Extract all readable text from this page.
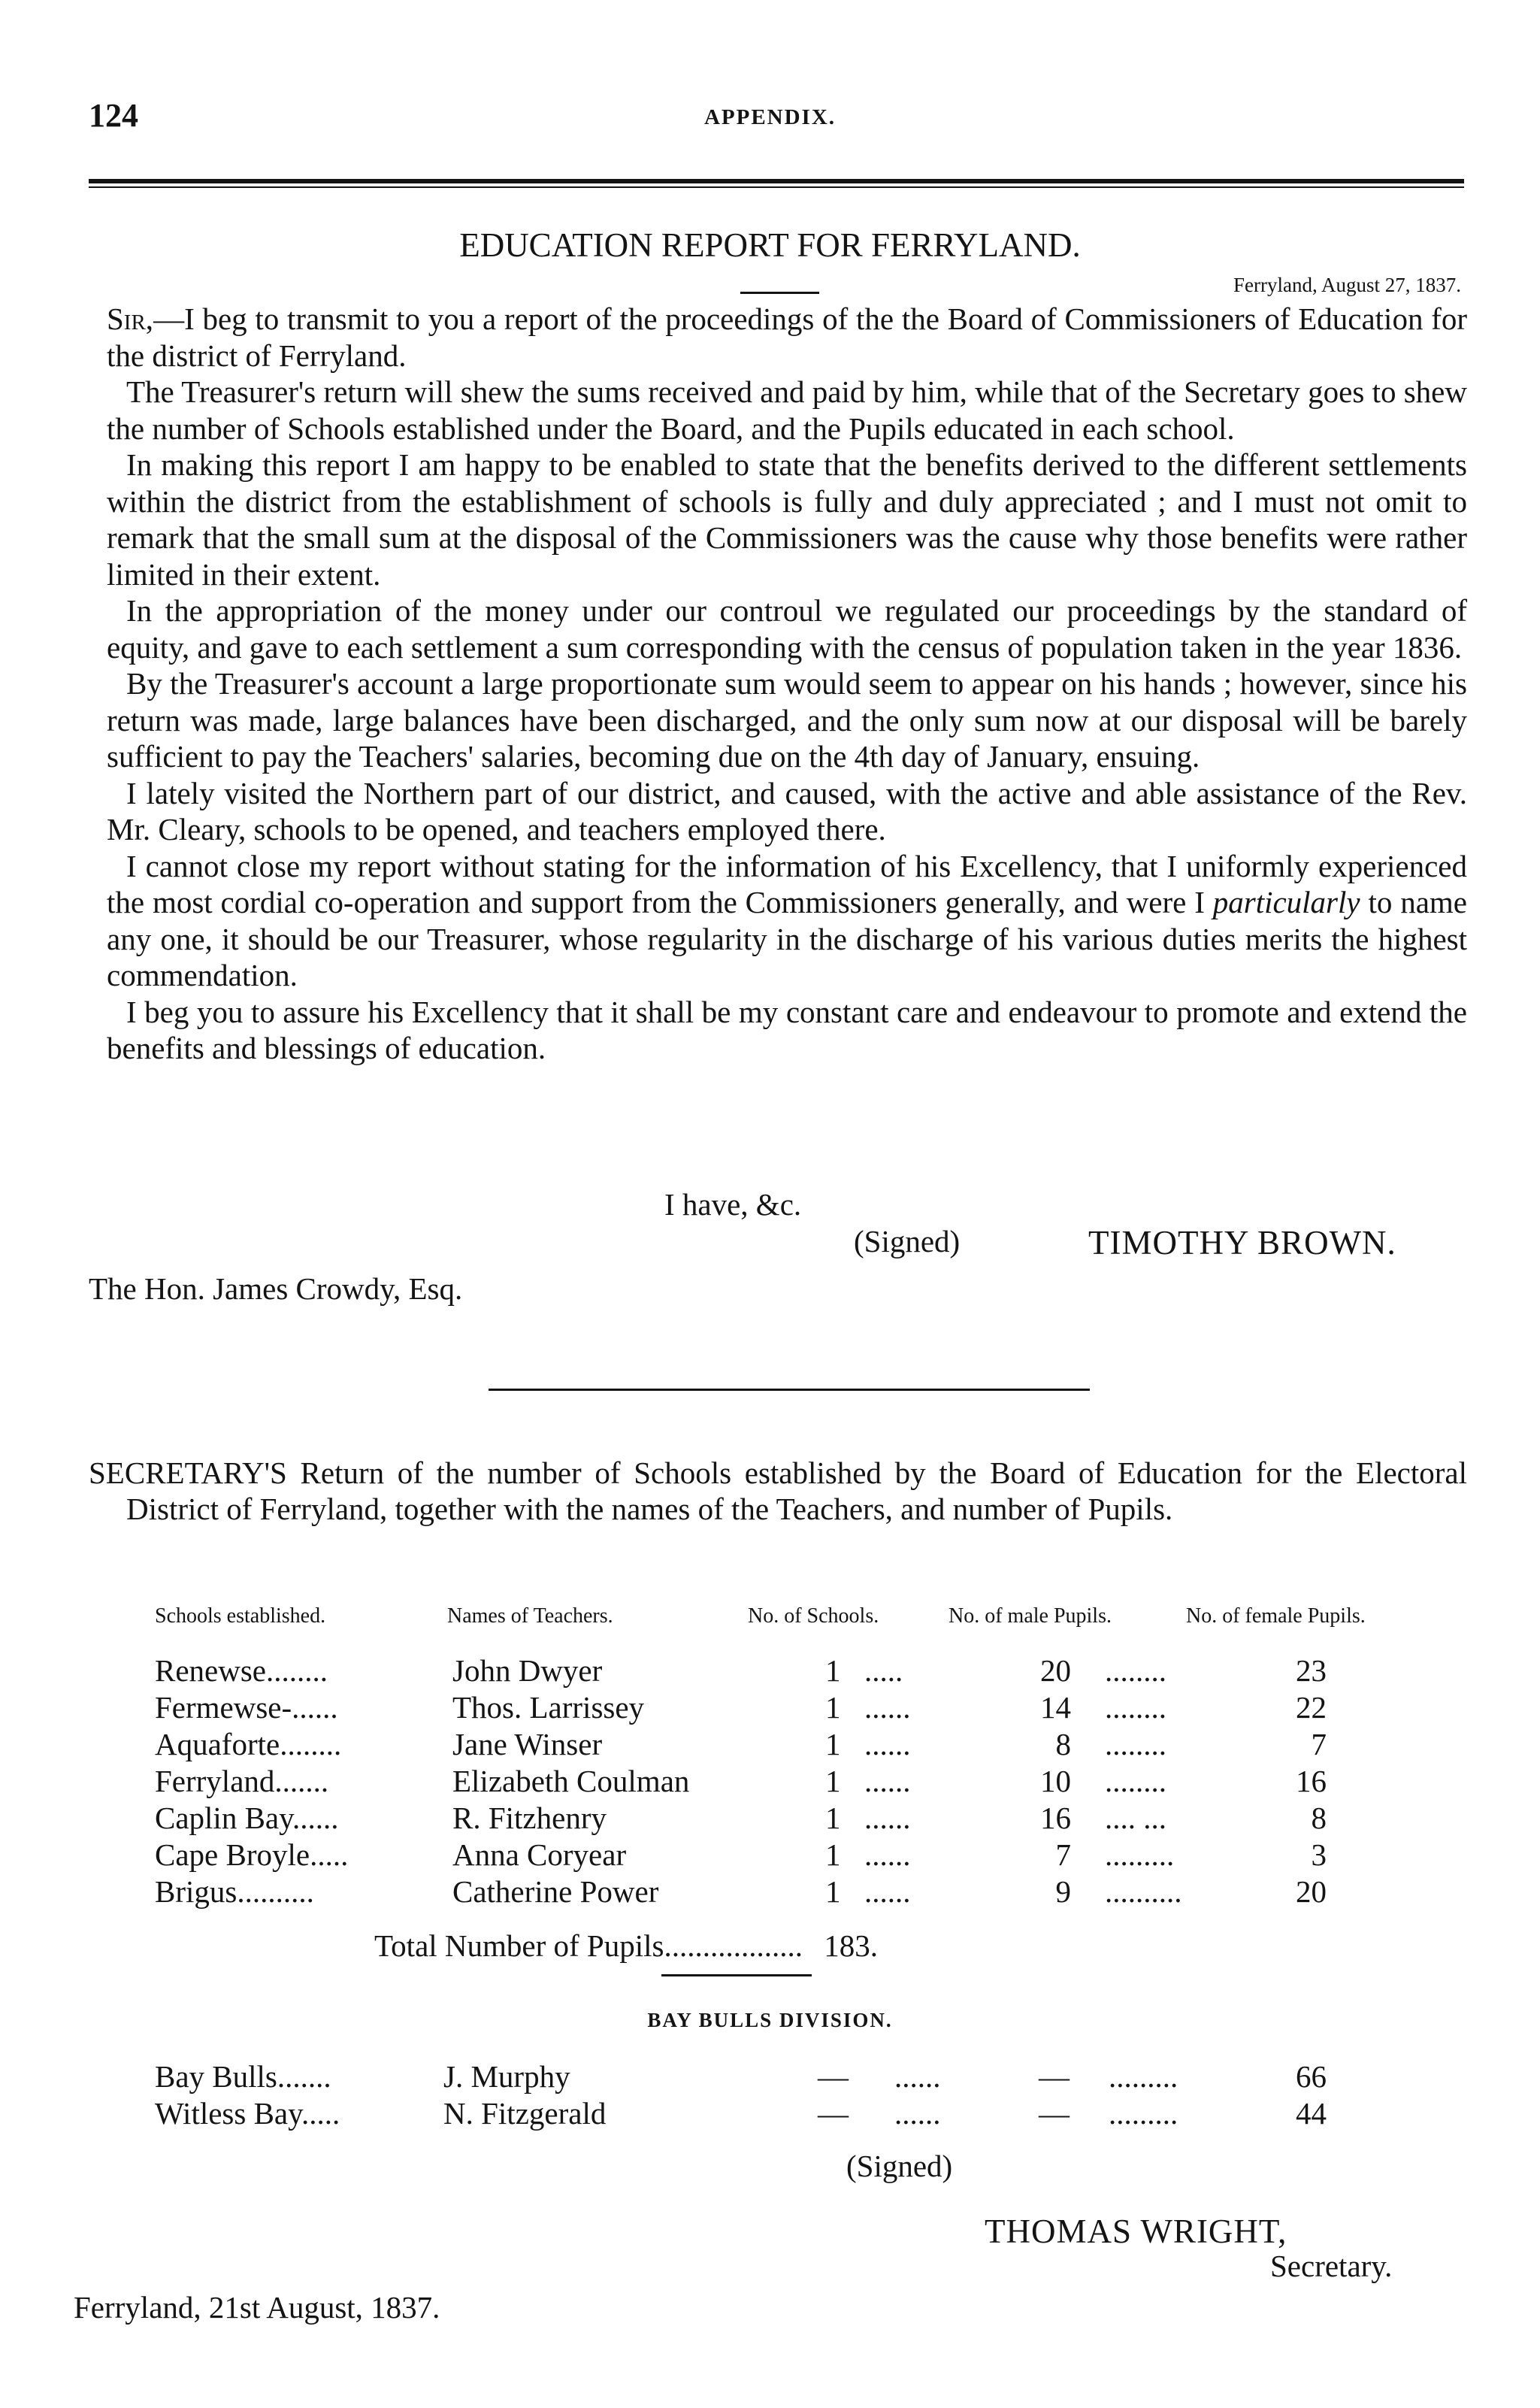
124	APPENDIX.
EDUCATION REPORT FOR FERRYLAND.
Ferryland, August 27, 1837.

Sir,—I beg to transmit to you a report of the proceedings of the the Board of Commissioners of Education for the district of Ferryland.

The Treasurer's return will shew the sums received and paid by him, while that of the Secretary goes to shew the number of Schools established under the Board, and the Pupils educated in each school.

In making this report I am happy to be enabled to state that the benefits derived to the different settlements within the district from the establishment of schools is fully and duly appreciated ; and I must not omit to remark that the small sum at the disposal of the Commissioners was the cause why those benefits were rather limited in their extent.

In the appropriation of the money under our controul we regulated our proceedings by the standard of equity, and gave to each settlement a sum corresponding with the census of population taken in the year 1836.

By the Treasurer's account a large proportionate sum would seem to appear on his hands ; however, since his return was made, large balances have been discharged, and the only sum now at our disposal will be barely sufficient to pay the Teachers' salaries, becoming due on the 4th day of January, ensuing.

I lately visited the Northern part of our district, and caused, with the active and able assistance of the Rev. Mr. Cleary, schools to be opened, and teachers employed there.

I cannot close my report without stating for the information of his Excellency, that I uniformly experienced the most cordial co-operation and support from the Commissioners generally, and were I particularly to name any one, it should be our Treasurer, whose regularity in the discharge of his various duties merits the highest commendation.

I beg you to assure his Excellency that it shall be my constant care and endeavour to promote and extend the benefits and blessings of education.

I have, &c.
(Signed)	TIMOTHY BROWN.
The Hon. James Crowdy, Esq.
SECRETARY'S Return of the number of Schools established by the Board of Education for the Electoral District of Ferryland, together with the names of the Teachers, and number of Pupils.
Schools established.	Names of Teachers.	No. of Schools.	No. of male Pupils.	No. of female Pupils.
Renewse........	John Dwyer	1 .....	20 ........	23
Fermewse-......	Thos. Larrissey	1 ......	14 ........	22
Aquaforte........	Jane Winser	1 ......	8 ........	7
Ferryland.......	Elizabeth Coulman	1 ......	10 ........	16
Caplin Bay......	R. Fitzhenry	1 ......	16 .... ...	8
Cape Broyle.....	Anna Coryear	1 ......	7 .........	3
Brigus..........	Catherine Power	1 ......	9 ..........	20
Total Number of Pupils.................. 183.
BAY BULLS DIVISION.
Bay Bulls.......	J. Murphy	— ......	— .........	66
Witless Bay.....	N. Fitzgerald	— ......	— .........	44
(Signed)
THOMAS WRIGHT,
Secretary.
Ferryland, 21st August, 1837.
